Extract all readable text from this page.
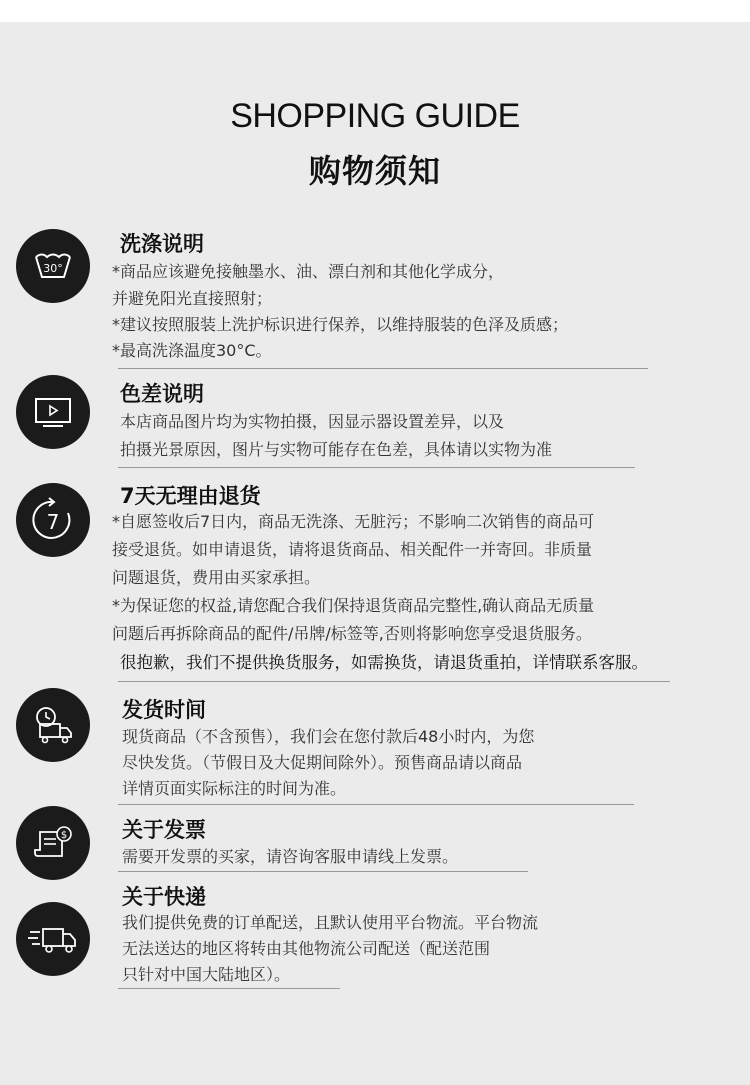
SHOPPING GUIDE
购物须知
30°
洗涤说明
*商品应该避免接触墨水、油、漂白剂和其他化学成分，
并避免阳光直接照射；
*建议按照服装上洗护标识进行保养，以维持服装的色泽及质感；
*最高洗涤温度30°C。
色差说明
本店商品图片均为实物拍摄，因显示器设置差异，以及
拍摄光景原因，图片与实物可能存在色差，具体请以实物为准
7
7天无理由退货
*自愿签收后7日内，商品无洗涤、无脏污；不影响二次销售的商品可
接受退货。如申请退货，请将退货商品、相关配件一并寄回。非质量
问题退货，费用由买家承担。
*为保证您的权益,请您配合我们保持退货商品完整性,确认商品无质量
问题后再拆除商品的配件/吊牌/标签等,否则将影响您享受退货服务。
很抱歉，我们不提供换货服务，如需换货，请退货重拍，详情联系客服。
发货时间
现货商品（不含预售），我们会在您付款后48小时内，为您
尽快发货。（节假日及大促期间除外）。预售商品请以商品
详情页面实际标注的时间为准。
$	关于发票
需要开发票的买家，请咨询客服申请线上发票。
关于快递
我们提供免费的订单配送，且默认使用平台物流。平台物流
无法送达的地区将转由其他物流公司配送（配送范围
只针对中国大陆地区）。
